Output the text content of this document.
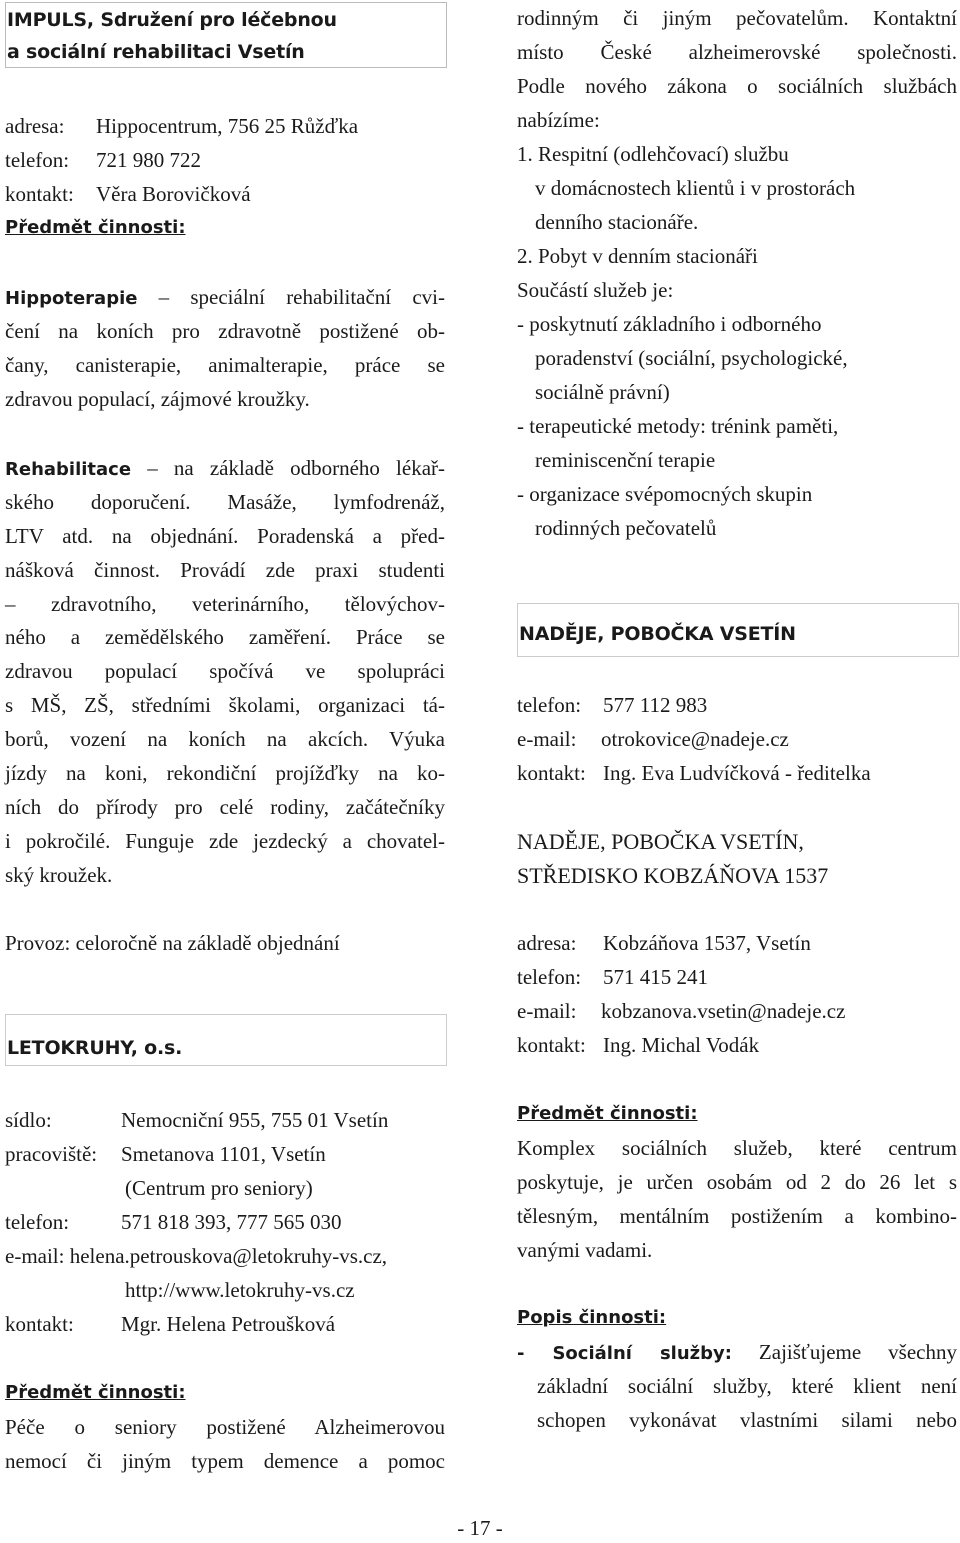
IMPULS, Sdružení pro léčebnou
a sociální rehabilitaci Vsetín
adresa: Hippocentrum, 756 25 Růžďka
telefon: 721 980 722
kontakt: Věra Borovičková
Předmět činnosti:
Hippoterapie – speciální rehabilitační cvi-
čení na koních pro zdravotně postižené ob-
čany, canisterapie, animalterapie, práce se
zdravou populací, zájmové kroužky.
Rehabilitace – na základě odborného lékař-
ského doporučení. Masáže, lymfodrenáž,
LTV atd. na objednání. Poradenská a před-
nášková činnost. Provádí zde praxi studenti
– zdravotního, veterinárního, tělovýchov-
ného a zemědělského zaměření. Práce se
zdravou populací spočívá ve spolupráci
s MŠ, ZŠ, středními školami, organizaci tá-
borů, vození na koních na akcích. Výuka
jízdy na koni, rekondiční projížďky na ko-
ních do přírody pro celé rodiny, začátečníky
i pokročilé. Funguje zde jezdecký a chovatel-
ský kroužek.
Provoz: celoročně na základě objednání
LETOKRUHY, o.s.
sídlo:	Nemocniční 955, 755 01 Vsetín
pracoviště: Smetanova 1101, Vsetín
(Centrum pro seniory)
telefon: 571 818 393, 777 565 030
e-mail: helena.petrouskova@letokruhy-vs.cz,
http://www.letokruhy-vs.cz
kontakt: Mgr. Helena Petroušková
Předmět činnosti:
Péče o seniory postižené Alzheimerovou
nemocí či jiným typem demence a pomoc
rodinným či jiným pečovatelům. Kontaktní
místo České alzheimerovské společnosti.
Podle nového zákona o sociálních službách
nabízíme:
1. Respitní (odlehčovací) službu
v domácnostech klientů i v prostorách
denního stacionáře.
2. Pobyt v denním stacionáři
Součástí služeb je:
- poskytnutí základního i odborného
poradenství (sociální, psychologické,
sociálně právní)
- terapeutické metody: trénink paměti,
reminiscenční terapie
- organizace svépomocných skupin
rodinných pečovatelů
NADĚJE, POBOČKA VSETÍN
telefon: 577 112 983
e-mail: otrokovice@nadeje.cz
kontakt: Ing. Eva Ludvíčková - ředitelka
NADĚJE, POBOČKA VSETÍN,
STŘEDISKO KOBZÁŇOVA 1537
adresa: Kobzáňova 1537, Vsetín
telefon: 571 415 241
e-mail: kobzanova.vsetin@nadeje.cz
kontakt: Ing. Michal Vodák
Předmět činnosti:
Komplex sociálních služeb, které centrum
poskytuje, je určen osobám od 2 do 26 let s
tělesným, mentálním postižením a kombino-
vanými vadami.
Popis činnosti:
- Sociální služby: Zajišťujeme všechny
základní sociální služby, které klient není
schopen vykonávat vlastními silami nebo
- 17 -
